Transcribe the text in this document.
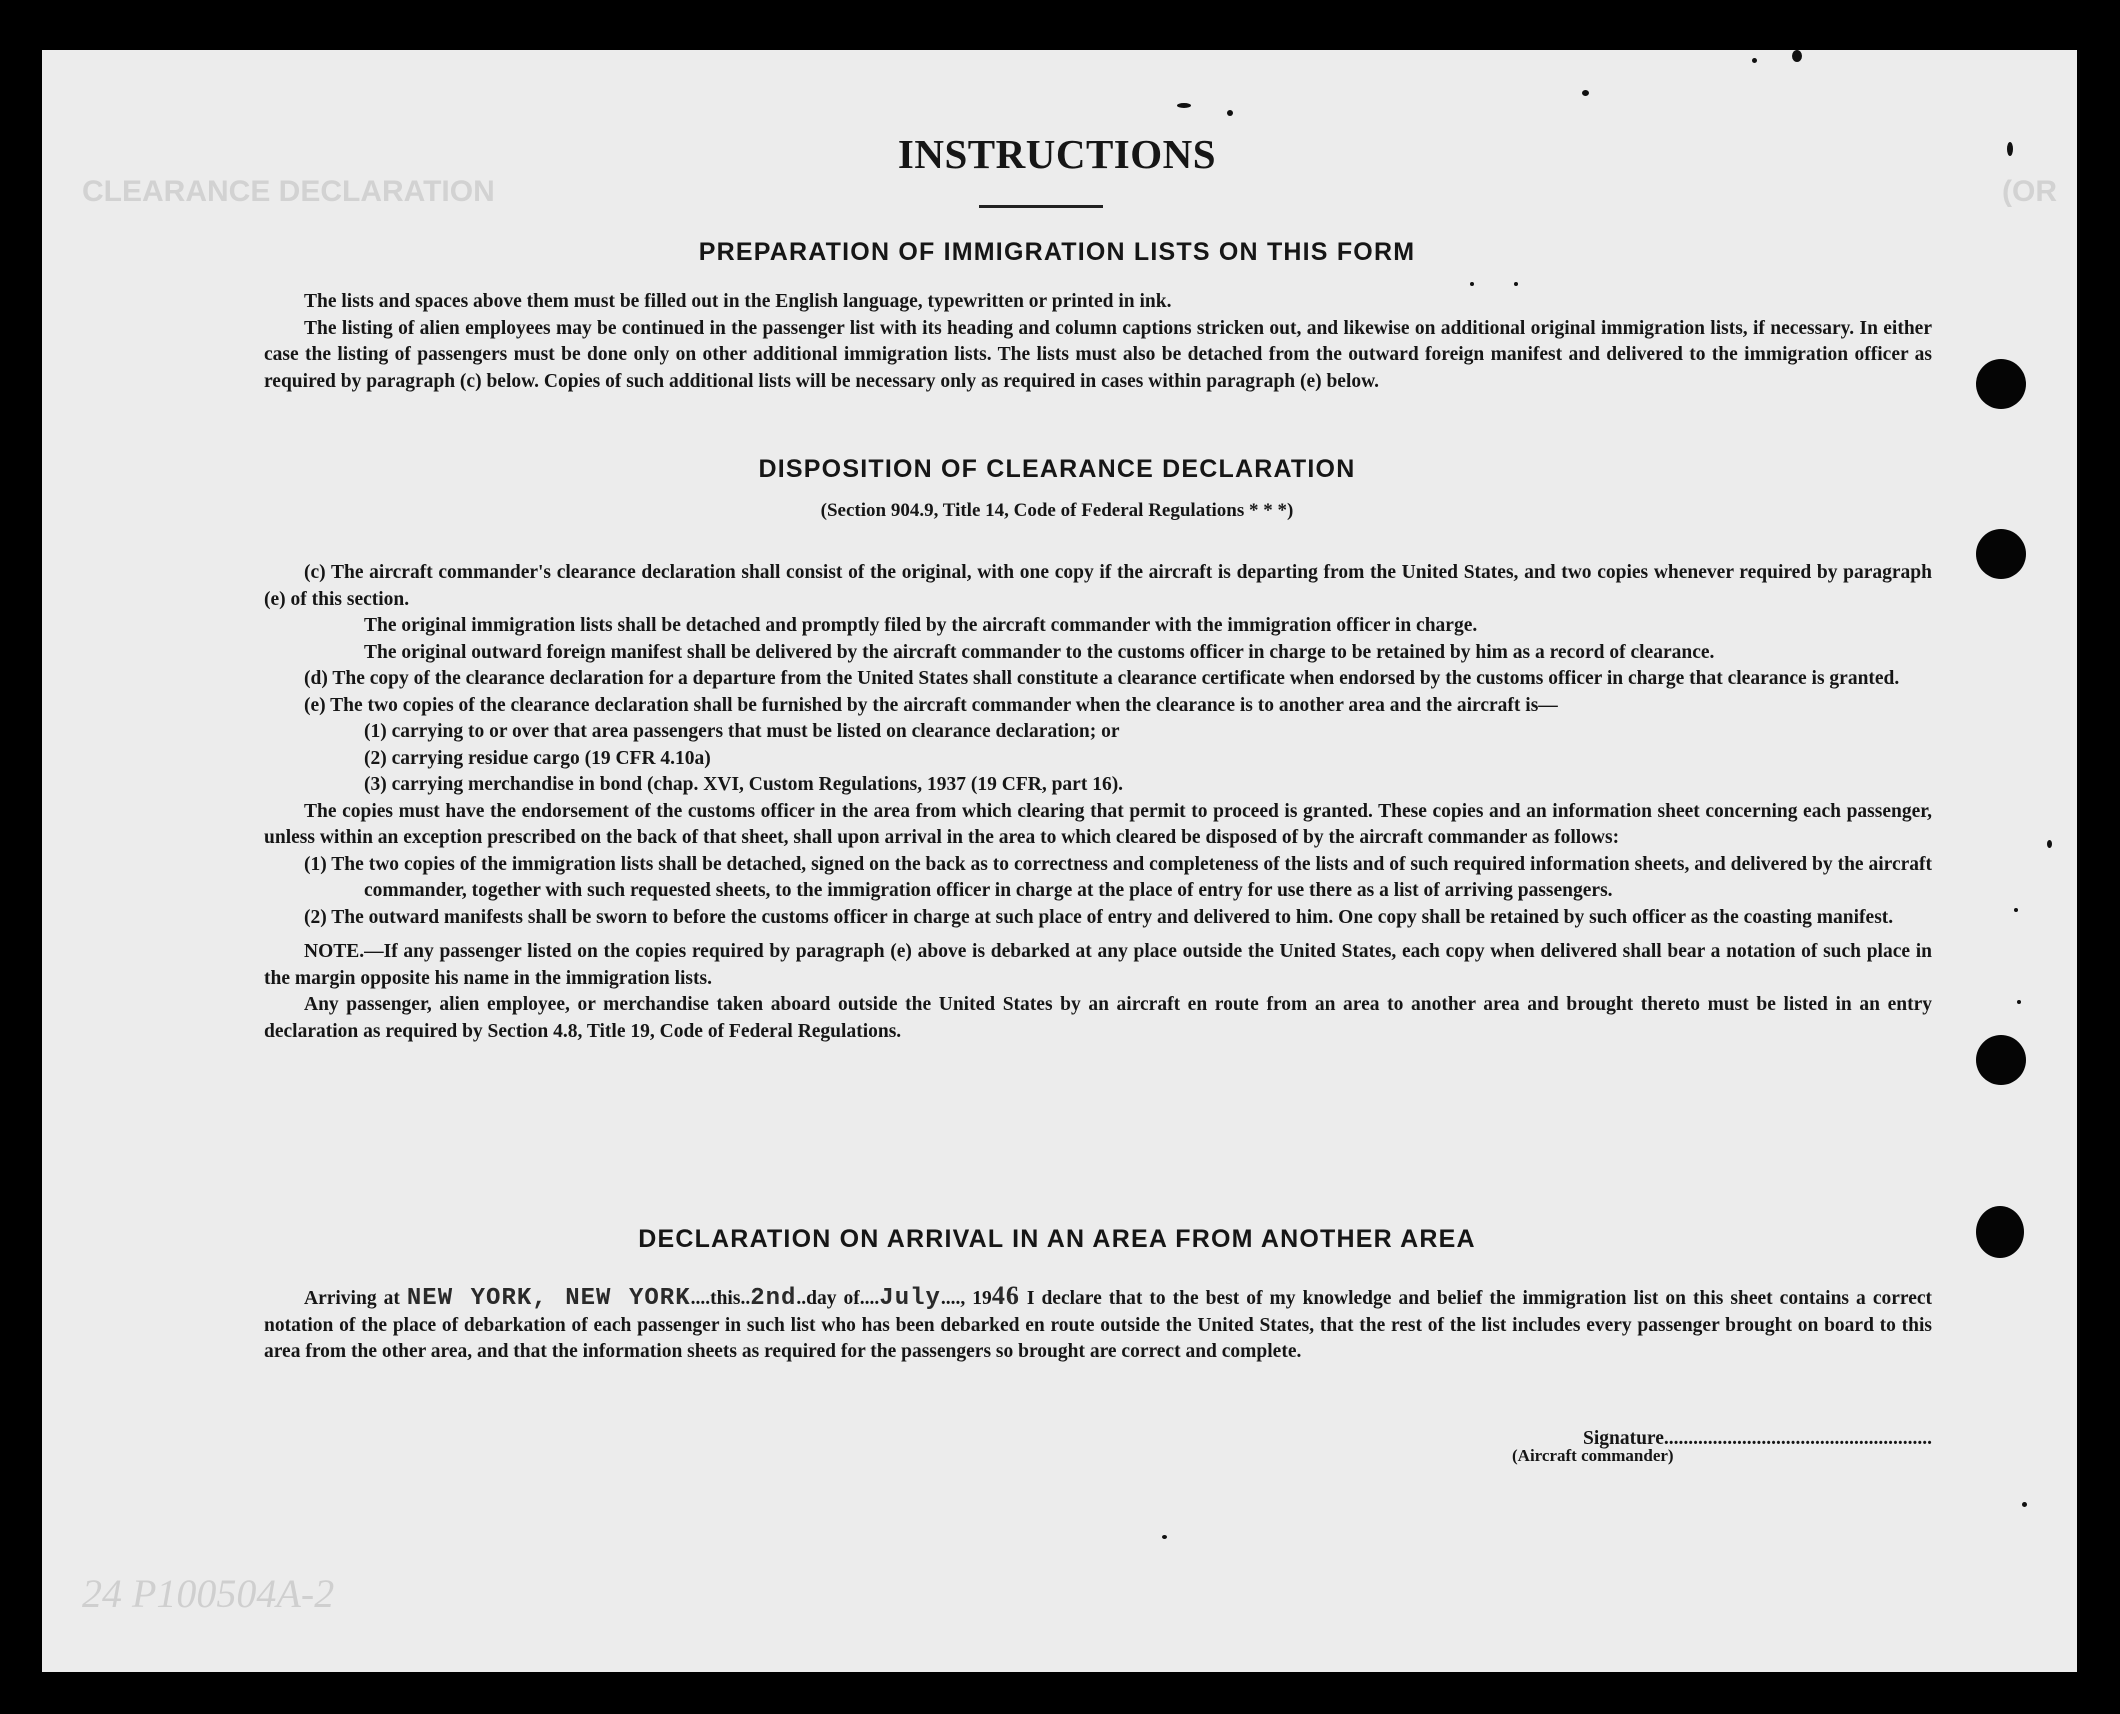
CLEARANCE DECLARATION	(OR
24 P100504A-2
INSTRUCTIONS
PREPARATION OF IMMIGRATION LISTS ON THIS FORM

The lists and spaces above them must be filled out in the English language, typewritten or printed in ink.

The listing of alien employees may be continued in the passenger list with its heading and column captions stricken out, and likewise on additional original immigration lists, if necessary. In either case the listing of passengers must be done only on other additional immigration lists. The lists must also be detached from the outward foreign manifest and delivered to the immigration officer as required by paragraph (c) below. Copies of such additional lists will be necessary only as required in cases within paragraph (e) below.

DISPOSITION OF CLEARANCE DECLARATION
(Section 904.9, Title 14, Code of Federal Regulations * * *)

(c) The aircraft commander's clearance declaration shall consist of the original, with one copy if the aircraft is departing from the United States, and two copies whenever required by paragraph (e) of this section.

The original immigration lists shall be detached and promptly filed by the aircraft commander with the immigration officer in charge.

The original outward foreign manifest shall be delivered by the aircraft commander to the customs officer in charge to be retained by him as a record of clearance.

(d) The copy of the clearance declaration for a departure from the United States shall constitute a clearance certificate when endorsed by the customs officer in charge that clearance is granted.

(e) The two copies of the clearance declaration shall be furnished by the aircraft commander when the clearance is to another area and the aircraft is—

(1) carrying to or over that area passengers that must be listed on clearance declaration; or

(2) carrying residue cargo (19 CFR 4.10a)

(3) carrying merchandise in bond (chap. XVI, Custom Regulations, 1937 (19 CFR, part 16).

The copies must have the endorsement of the customs officer in the area from which clearing that permit to proceed is granted. These copies and an information sheet concerning each passenger, unless within an exception prescribed on the back of that sheet, shall upon arrival in the area to which cleared be disposed of by the aircraft commander as follows:

(1) The two copies of the immigration lists shall be detached, signed on the back as to correctness and completeness of the lists and of such required information sheets, and delivered by the aircraft commander, together with such requested sheets, to the immigration officer in charge at the place of entry for use there as a list of arriving passengers.

(2) The outward manifests shall be sworn to before the customs officer in charge at such place of entry and delivered to him. One copy shall be retained by such officer as the coasting manifest.

NOTE.—If any passenger listed on the copies required by paragraph (e) above is debarked at any place outside the United States, each copy when delivered shall bear a notation of such place in the margin opposite his name in the immigration lists.

Any passenger, alien employee, or merchandise taken aboard outside the United States by an aircraft en route from an area to another area and brought thereto must be listed in an entry declaration as required by Section 4.8, Title 19, Code of Federal Regulations.

DECLARATION ON ARRIVAL IN AN AREA FROM ANOTHER AREA

Arriving at NEW YORK, NEW YORK....this..2nd..day of....July...., 1946 I declare that to the best of my knowledge and belief the immigration list on this sheet contains a correct notation of the place of debarkation of each passenger in such list who has been debarked en route outside the United States, that the rest of the list includes every passenger brought on board to this area from the other area, and that the information sheets as required for the passengers so brought are correct and complete.

Signature.......................................................
(Aircraft commander)
